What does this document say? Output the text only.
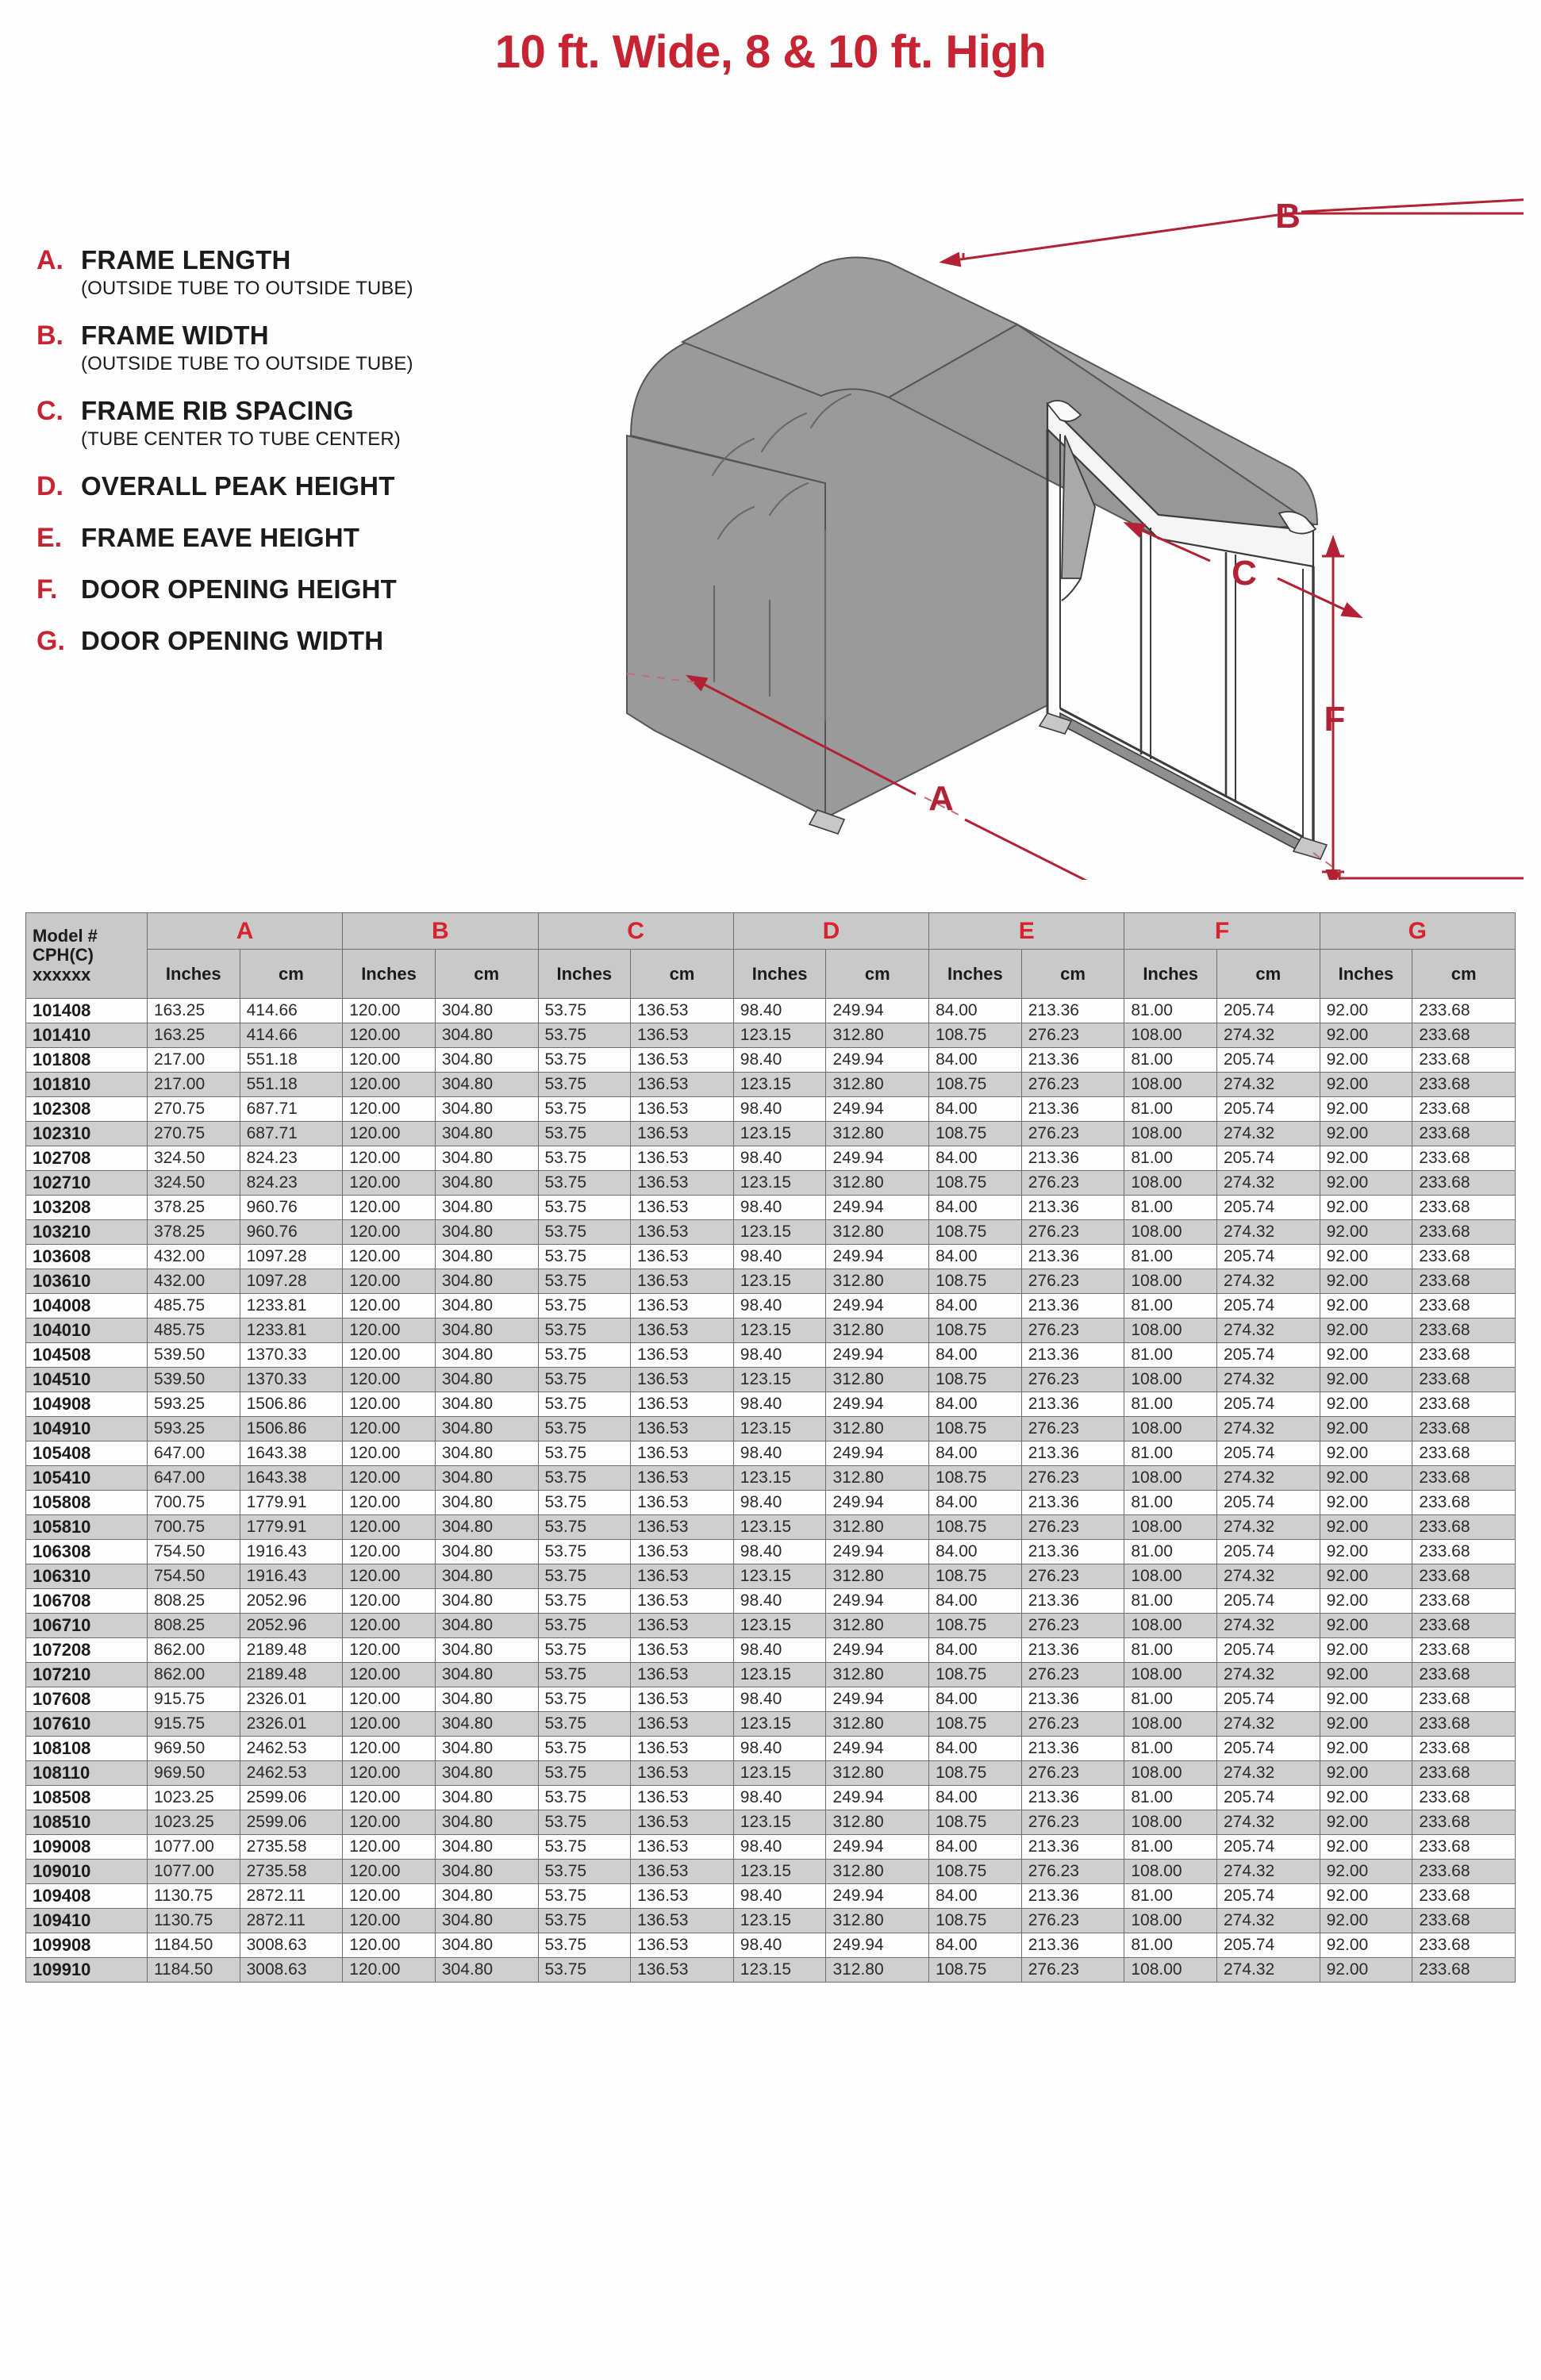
10 ft. Wide, 8 & 10 ft. High
A. FRAME LENGTH
(OUTSIDE TUBE TO OUTSIDE TUBE)
B. FRAME WIDTH
(OUTSIDE TUBE TO OUTSIDE TUBE)
C. FRAME RIB SPACING
(TUBE CENTER TO TUBE CENTER)
D. OVERALL PEAK HEIGHT
E. FRAME EAVE HEIGHT
F. DOOR OPENING HEIGHT
G. DOOR OPENING WIDTH
B
C
F
A
Model #
CPH(C)
xxxxxx	A		B		C		D		E		F		G	
	Inches	cm	Inches	cm	Inches	cm	Inches	cm	Inches	cm	Inches	cm	Inches	cm
101408	163.25	414.66	120.00	304.80	53.75	136.53	98.40	249.94	84.00	213.36	81.00	205.74	92.00	233.68
101410	163.25	414.66	120.00	304.80	53.75	136.53	123.15	312.80	108.75	276.23	108.00	274.32	92.00	233.68
101808	217.00	551.18	120.00	304.80	53.75	136.53	98.40	249.94	84.00	213.36	81.00	205.74	92.00	233.68
101810	217.00	551.18	120.00	304.80	53.75	136.53	123.15	312.80	108.75	276.23	108.00	274.32	92.00	233.68
102308	270.75	687.71	120.00	304.80	53.75	136.53	98.40	249.94	84.00	213.36	81.00	205.74	92.00	233.68
102310	270.75	687.71	120.00	304.80	53.75	136.53	123.15	312.80	108.75	276.23	108.00	274.32	92.00	233.68
102708	324.50	824.23	120.00	304.80	53.75	136.53	98.40	249.94	84.00	213.36	81.00	205.74	92.00	233.68
102710	324.50	824.23	120.00	304.80	53.75	136.53	123.15	312.80	108.75	276.23	108.00	274.32	92.00	233.68
103208	378.25	960.76	120.00	304.80	53.75	136.53	98.40	249.94	84.00	213.36	81.00	205.74	92.00	233.68
103210	378.25	960.76	120.00	304.80	53.75	136.53	123.15	312.80	108.75	276.23	108.00	274.32	92.00	233.68
103608	432.00	1097.28	120.00	304.80	53.75	136.53	98.40	249.94	84.00	213.36	81.00	205.74	92.00	233.68
103610	432.00	1097.28	120.00	304.80	53.75	136.53	123.15	312.80	108.75	276.23	108.00	274.32	92.00	233.68
104008	485.75	1233.81	120.00	304.80	53.75	136.53	98.40	249.94	84.00	213.36	81.00	205.74	92.00	233.68
104010	485.75	1233.81	120.00	304.80	53.75	136.53	123.15	312.80	108.75	276.23	108.00	274.32	92.00	233.68
104508	539.50	1370.33	120.00	304.80	53.75	136.53	98.40	249.94	84.00	213.36	81.00	205.74	92.00	233.68
104510	539.50	1370.33	120.00	304.80	53.75	136.53	123.15	312.80	108.75	276.23	108.00	274.32	92.00	233.68
104908	593.25	1506.86	120.00	304.80	53.75	136.53	98.40	249.94	84.00	213.36	81.00	205.74	92.00	233.68
104910	593.25	1506.86	120.00	304.80	53.75	136.53	123.15	312.80	108.75	276.23	108.00	274.32	92.00	233.68
105408	647.00	1643.38	120.00	304.80	53.75	136.53	98.40	249.94	84.00	213.36	81.00	205.74	92.00	233.68
105410	647.00	1643.38	120.00	304.80	53.75	136.53	123.15	312.80	108.75	276.23	108.00	274.32	92.00	233.68
105808	700.75	1779.91	120.00	304.80	53.75	136.53	98.40	249.94	84.00	213.36	81.00	205.74	92.00	233.68
105810	700.75	1779.91	120.00	304.80	53.75	136.53	123.15	312.80	108.75	276.23	108.00	274.32	92.00	233.68
106308	754.50	1916.43	120.00	304.80	53.75	136.53	98.40	249.94	84.00	213.36	81.00	205.74	92.00	233.68
106310	754.50	1916.43	120.00	304.80	53.75	136.53	123.15	312.80	108.75	276.23	108.00	274.32	92.00	233.68
106708	808.25	2052.96	120.00	304.80	53.75	136.53	98.40	249.94	84.00	213.36	81.00	205.74	92.00	233.68
106710	808.25	2052.96	120.00	304.80	53.75	136.53	123.15	312.80	108.75	276.23	108.00	274.32	92.00	233.68
107208	862.00	2189.48	120.00	304.80	53.75	136.53	98.40	249.94	84.00	213.36	81.00	205.74	92.00	233.68
107210	862.00	2189.48	120.00	304.80	53.75	136.53	123.15	312.80	108.75	276.23	108.00	274.32	92.00	233.68
107608	915.75	2326.01	120.00	304.80	53.75	136.53	98.40	249.94	84.00	213.36	81.00	205.74	92.00	233.68
107610	915.75	2326.01	120.00	304.80	53.75	136.53	123.15	312.80	108.75	276.23	108.00	274.32	92.00	233.68
108108	969.50	2462.53	120.00	304.80	53.75	136.53	98.40	249.94	84.00	213.36	81.00	205.74	92.00	233.68
108110	969.50	2462.53	120.00	304.80	53.75	136.53	123.15	312.80	108.75	276.23	108.00	274.32	92.00	233.68
108508	1023.25	2599.06	120.00	304.80	53.75	136.53	98.40	249.94	84.00	213.36	81.00	205.74	92.00	233.68
108510	1023.25	2599.06	120.00	304.80	53.75	136.53	123.15	312.80	108.75	276.23	108.00	274.32	92.00	233.68
109008	1077.00	2735.58	120.00	304.80	53.75	136.53	98.40	249.94	84.00	213.36	81.00	205.74	92.00	233.68
109010	1077.00	2735.58	120.00	304.80	53.75	136.53	123.15	312.80	108.75	276.23	108.00	274.32	92.00	233.68
109408	1130.75	2872.11	120.00	304.80	53.75	136.53	98.40	249.94	84.00	213.36	81.00	205.74	92.00	233.68
109410	1130.75	2872.11	120.00	304.80	53.75	136.53	123.15	312.80	108.75	276.23	108.00	274.32	92.00	233.68
109908	1184.50	3008.63	120.00	304.80	53.75	136.53	98.40	249.94	84.00	213.36	81.00	205.74	92.00	233.68
109910	1184.50	3008.63	120.00	304.80	53.75	136.53	123.15	312.80	108.75	276.23	108.00	274.32	92.00	233.68
